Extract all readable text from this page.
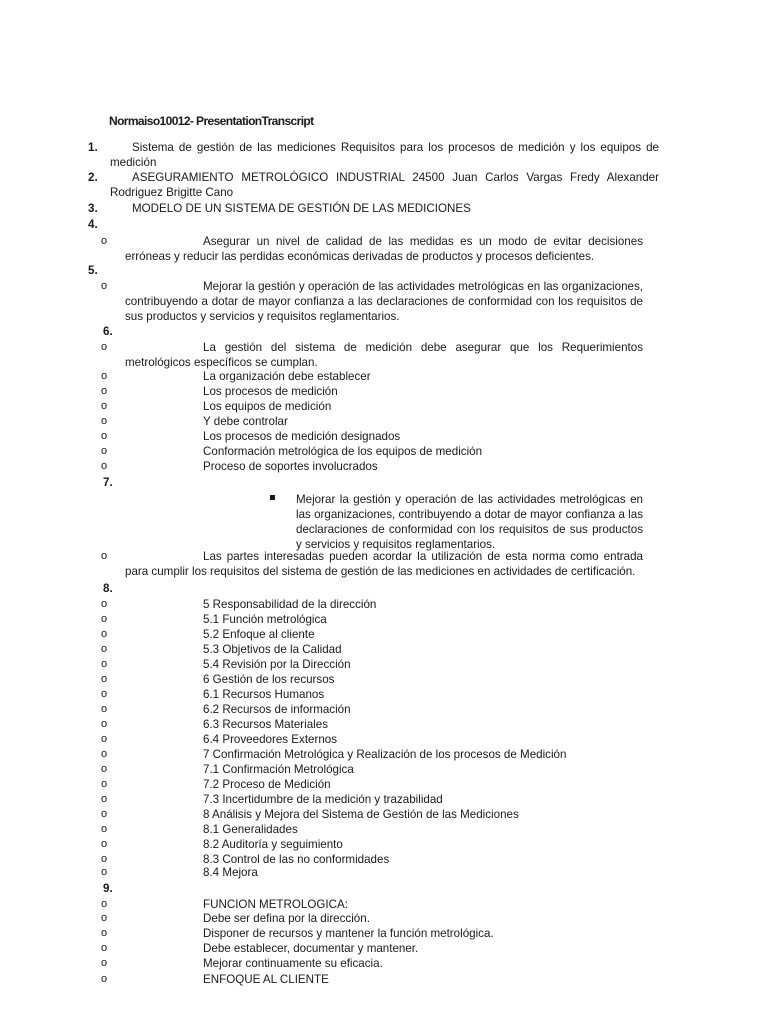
Normaiso10012- PresentationTranscript
1.	Sistema de gestión de las mediciones Requisitos para los procesos de medición y los equipos de medición
2.	ASEGURAMIENTO METROLÓGICO INDUSTRIAL 24500 Juan Carlos Vargas Fredy Alexander Rodriguez Brigitte Cano
3.	MODELO DE UN SISTEMA DE GESTIÓN DE LAS MEDICIONES
4.
o	Asegurar un nivel de calidad de las medidas es un modo de evitar decisiones erróneas y reducir las perdidas económicas derivadas de productos y procesos deficientes.
5.
o	Mejorar la gestión y operación de las actividades metrológicas en las organizaciones, contribuyendo a dotar de mayor confianza a las declaraciones de conformidad con los requisitos de sus productos y servicios y requisitos reglamentarios.
6.
o	La gestión del sistema de medición debe asegurar que los Requerimientos metrológicos específicos se cumplan.
o	La organización debe establecer
o	Los procesos de medición
o	Los equipos de medición
o	Y debe controlar
o	Los procesos de medición designados
o	Conformación metrológica de los equipos de medición
o	Proceso de soportes involucrados
7.
Mejorar la gestión y operación de las actividades metrológicas en las organizaciones, contribuyendo a dotar de mayor confianza a las declaraciones de conformidad con los requisitos de sus productos y servicios y requisitos reglamentarios.
o	Las partes interesadas pueden acordar la utilización de esta norma como entrada para cumplir los requisitos del sistema de gestión de las mediciones en actividades de certificación.
8.
o	5 Responsabilidad de la dirección
o	5.1 Función metrológica
o	5.2 Enfoque al cliente
o	5.3 Objetivos de la Calidad
o	5.4 Revisión por la Dirección
o	6 Gestión de los recursos
o	6.1 Recursos Humanos
o	6.2 Recursos de información
o	6.3 Recursos Materiales
o	6.4 Proveedores Externos
o	7 Confirmación Metrológica y Realización de los procesos de Medición
o	7.1 Confirmación Metrológica
o	7.2 Proceso de Medición
o	7.3 Incertidumbre de la medición y trazabilidad
o	8 Análisis y Mejora del Sistema de Gestión de las Mediciones
o	8.1 Generalidades
o	8.2 Auditoría y seguimiento
o	8.3 Control de las no conformidades
o	8.4 Mejora
9.
o	FUNCION METROLOGICA:
o	Debe ser defina por la dirección.
o	Disponer de recursos y mantener la función metrológica.
o	Debe establecer, documentar y mantener.
o	Mejorar continuamente su eficacia.
o	ENFOQUE AL CLIENTE
